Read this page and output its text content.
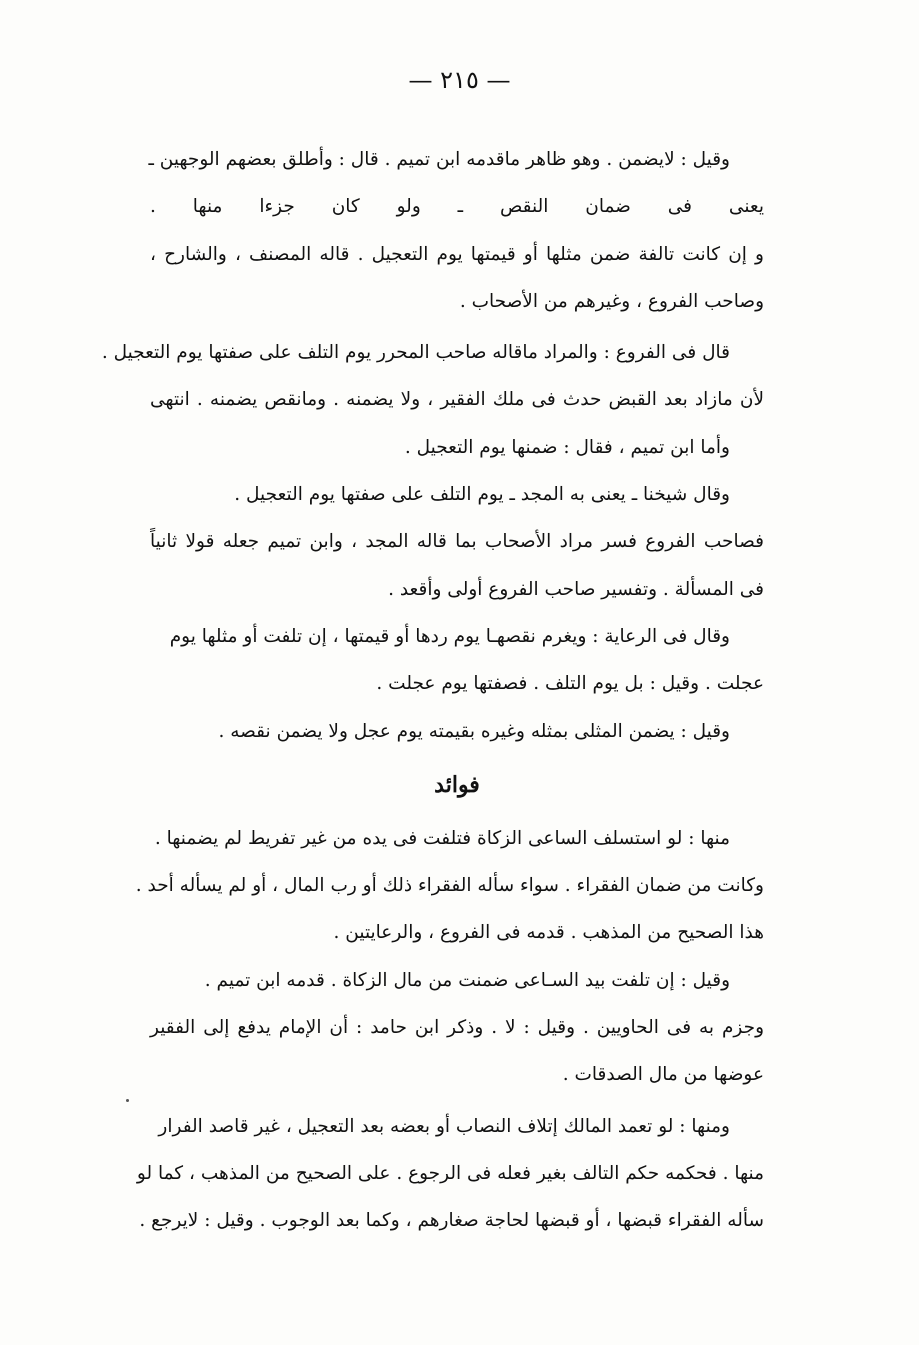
— ٢١٥ —
وقيل : لايضمن . وهو ظاهر ماقدمه ابن تميم . قال : وأطلق بعضهم الوجهين ـ
يعنى فى ضمان النقص ـ ولو كان جزءا منها .
و إن كانت تالفة ضمن مثلها أو قيمتها يوم التعجيل . قاله المصنف ، والشارح ،
وصاحب الفروع ، وغيرهم من الأصحاب .
قال فى الفروع : والمراد ماقاله صاحب المحرر يوم التلف على صفتها يوم التعجيل .
لأن مازاد بعد القبض حدث فى ملك الفقير ، ولا يضمنه . ومانقص يضمنه . انتهى
وأما ابن تميم ، فقال : ضمنها يوم التعجيل .
وقال شيخنا ـ يعنى به المجد ـ يوم التلف على صفتها يوم التعجيل .
فصاحب الفروع فسر مراد الأصحاب بما قاله المجد ، وابن تميم جعله قولا ثانياً
فى المسألة . وتفسير صاحب الفروع أولى وأقعد .
وقال فى الرعاية : ويغرم نقصهـا يوم ردها أو قيمتها ، إن تلفت أو مثلها يوم
عجلت . وقيل : بل يوم التلف . فصفتها يوم عجلت .
وقيل : يضمن المثلى بمثله وغيره بقيمته يوم عجل ولا يضمن نقصه .
فوائد
منها : لو استسلف الساعى الزكاة فتلفت فى يده من غير تفريط لم يضمنها .
وكانت من ضمان الفقراء . سواء سأله الفقراء ذلك أو رب المال ، أو لم يسأله أحد .
هذا الصحيح من المذهب . قدمه فى الفروع ، والرعايتين .
وقيل : إن تلفت بيد السـاعى ضمنت من مال الزكاة . قدمه ابن تميم .
وجزم به فى الحاويين . وقيل : لا . وذكر ابن حامد : أن الإمام يدفع إلى الفقير
عوضها من مال الصدقات .
ومنها : لو تعمد المالك إتلاف النصاب أو بعضه بعد التعجيل ، غير قاصد الفرار
منها . فحكمه حكم التالف بغير فعله فى الرجوع . على الصحيح من المذهب ، كما لو
سأله الفقراء قبضها ، أو قبضها لحاجة صغارهم ، وكما بعد الوجوب . وقيل : لايرجع .
